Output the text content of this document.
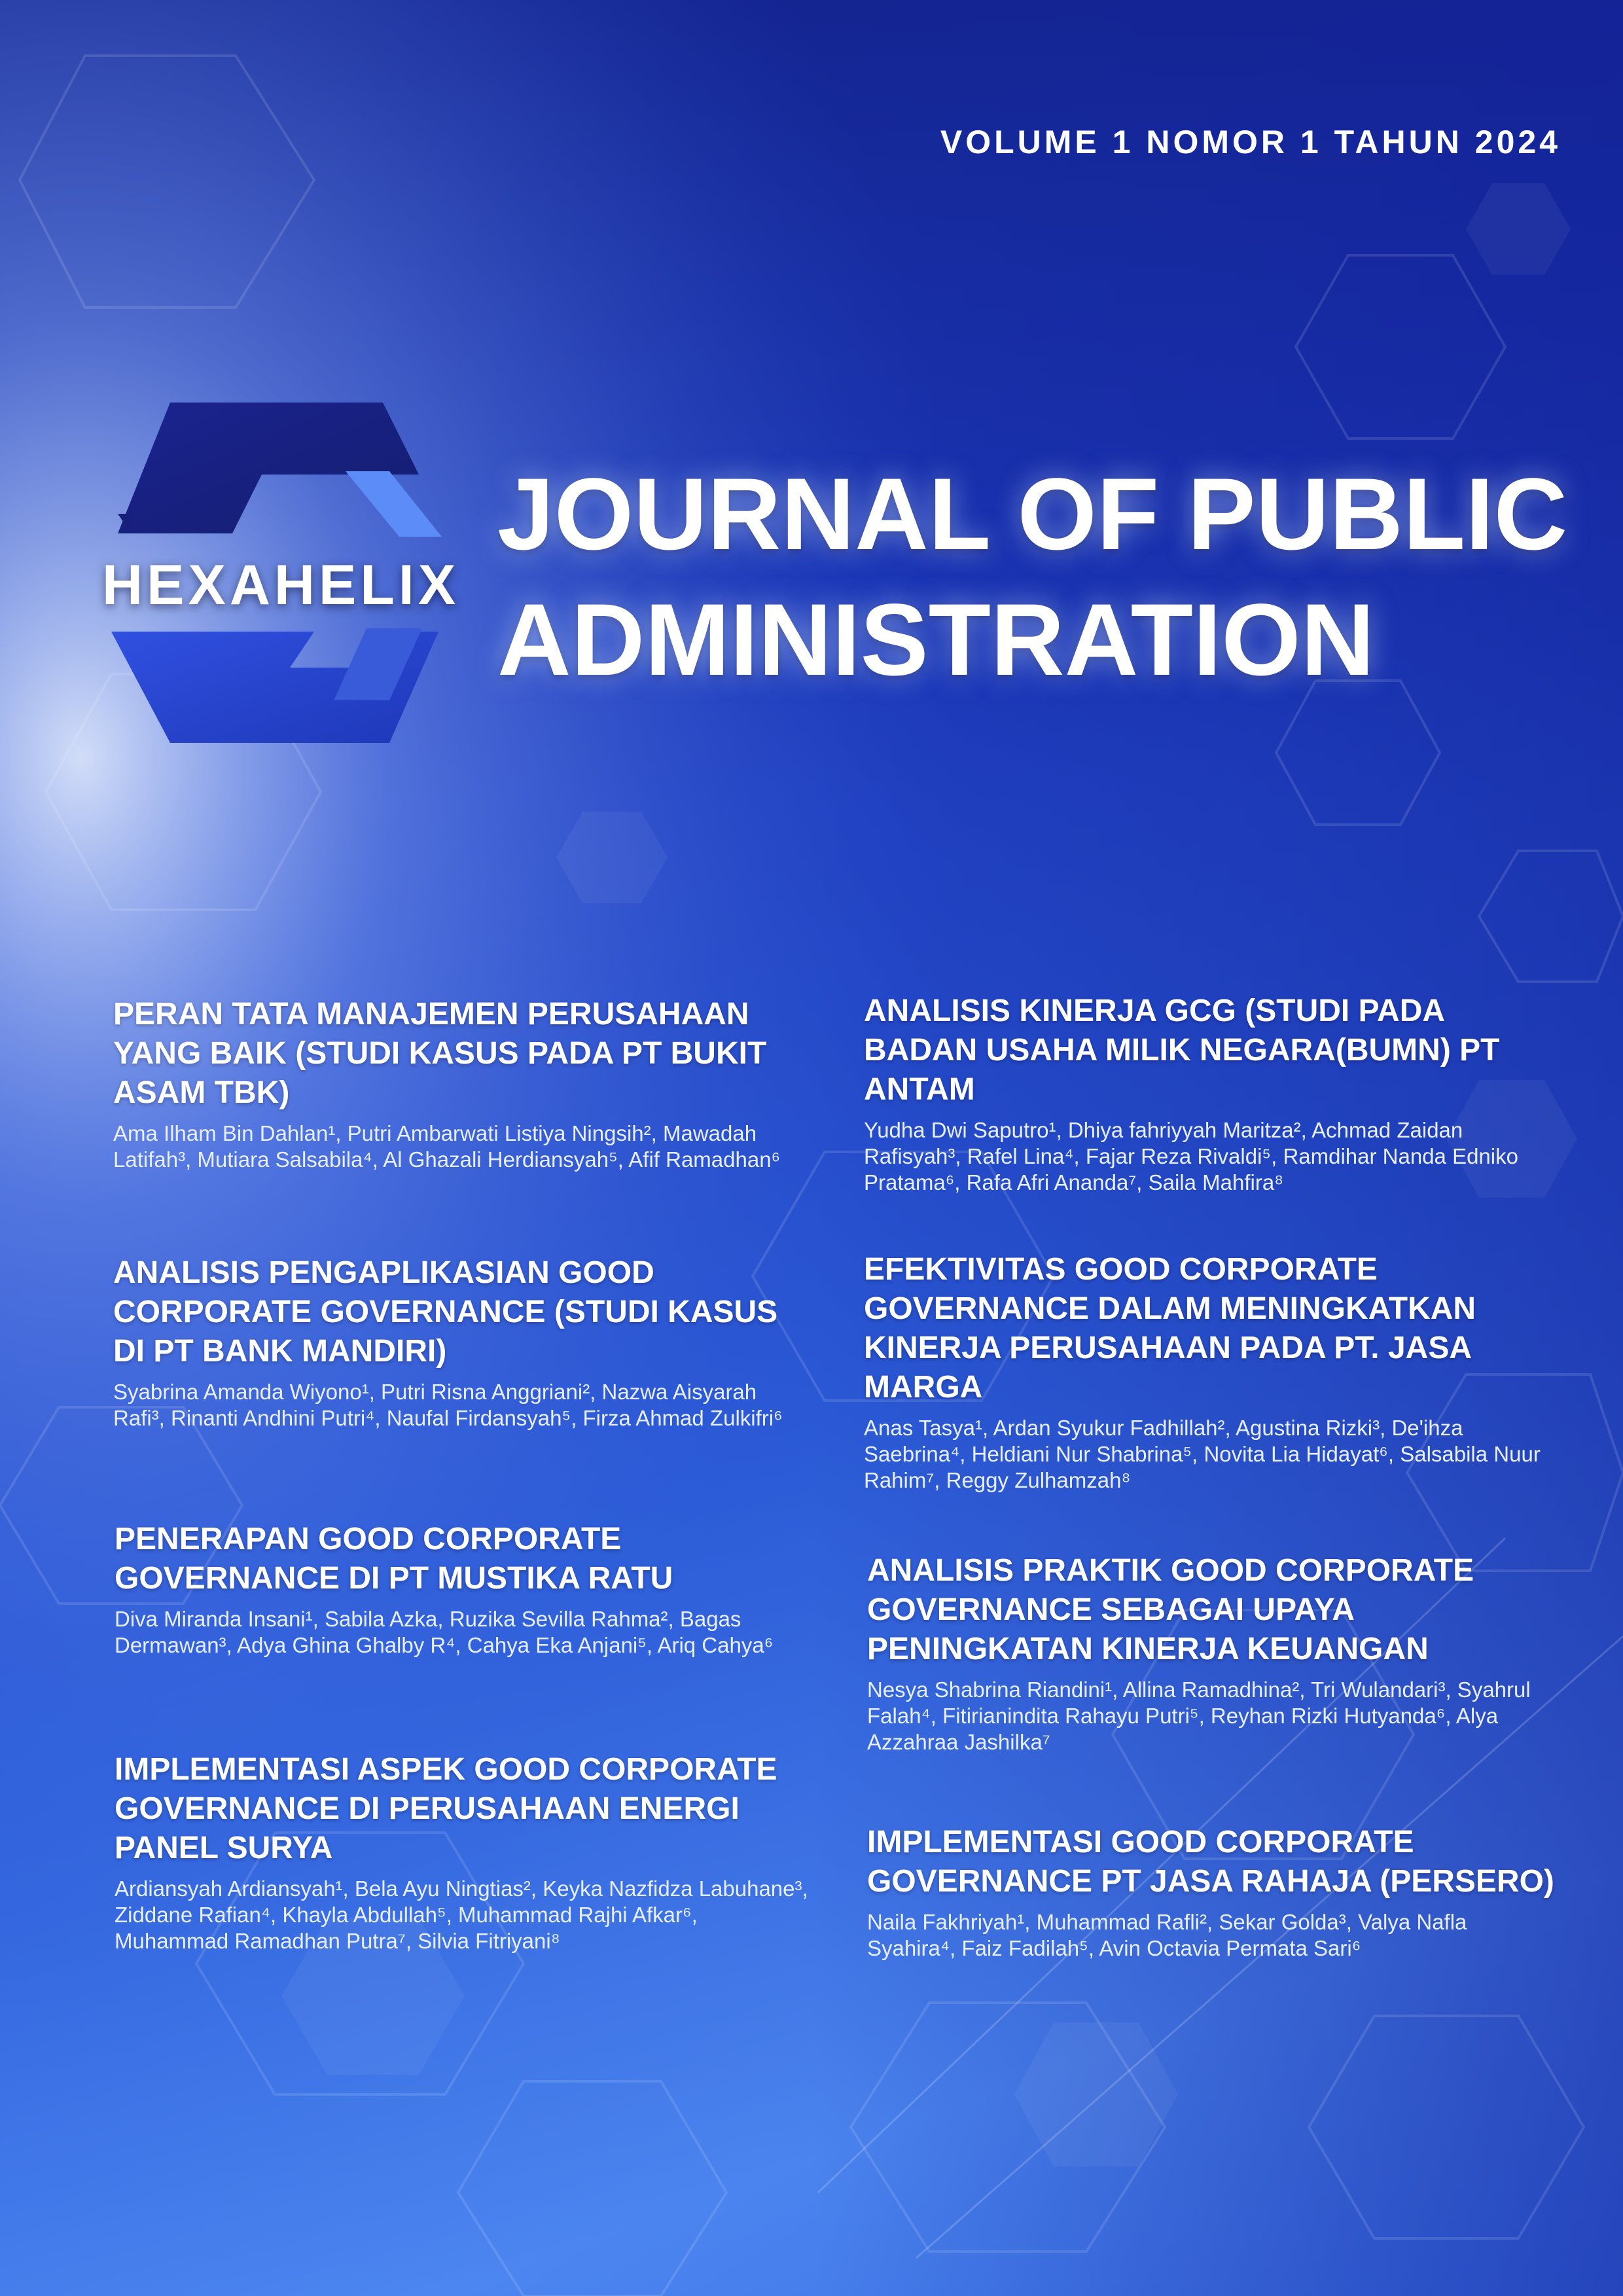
VOLUME 1 NOMOR 1 TAHUN 2024
HEXAHELIX
JOURNAL OF PUBLIC
ADMINISTRATION
PERAN TATA MANAJEMEN PERUSAHAAN YANG BAIK (STUDI KASUS PADA PT BUKIT ASAM TBK)
Ama Ilham Bin Dahlan¹, Putri Ambarwati Listiya Ningsih², Mawadah Latifah³, Mutiara Salsabila⁴, Al Ghazali Herdiansyah⁵, Afif Ramadhan⁶
ANALISIS PENGAPLIKASIAN GOOD CORPORATE GOVERNANCE (STUDI KASUS DI PT BANK MANDIRI)
Syabrina Amanda Wiyono¹, Putri Risna Anggriani², Nazwa Aisyarah Rafi³, Rinanti Andhini Putri⁴, Naufal Firdansyah⁵, Firza Ahmad Zulkifri⁶
PENERAPAN GOOD CORPORATE GOVERNANCE DI PT MUSTIKA RATU
Diva Miranda Insani¹, Sabila Azka, Ruzika Sevilla Rahma², Bagas Dermawan³, Adya Ghina Ghalby R⁴, Cahya Eka Anjani⁵, Ariq Cahya⁶
IMPLEMENTASI ASPEK GOOD CORPORATE GOVERNANCE DI PERUSAHAAN ENERGI PANEL SURYA
Ardiansyah Ardiansyah¹, Bela Ayu Ningtias², Keyka Nazfidza Labuhane³, Ziddane Rafian⁴, Khayla Abdullah⁵, Muhammad Rajhi Afkar⁶, Muhammad Ramadhan Putra⁷, Silvia Fitriyani⁸
ANALISIS KINERJA GCG (STUDI PADA BADAN USAHA MILIK NEGARA(BUMN) PT ANTAM
Yudha Dwi Saputro¹, Dhiya fahriyyah Maritza², Achmad Zaidan Rafisyah³, Rafel Lina⁴, Fajar Reza Rivaldi⁵, Ramdihar Nanda Edniko Pratama⁶, Rafa Afri Ananda⁷, Saila Mahfira⁸
EFEKTIVITAS GOOD CORPORATE GOVERNANCE DALAM MENINGKATKAN KINERJA PERUSAHAAN PADA PT. JASA MARGA
Anas Tasya¹, Ardan Syukur Fadhillah², Agustina Rizki³, De'ihza Saebrina⁴, Heldiani Nur Shabrina⁵, Novita Lia Hidayat⁶, Salsabila Nuur Rahim⁷, Reggy Zulhamzah⁸
ANALISIS PRAKTIK GOOD CORPORATE GOVERNANCE SEBAGAI UPAYA PENINGKATAN KINERJA KEUANGAN
Nesya Shabrina Riandini¹, Allina Ramadhina², Tri Wulandari³, Syahrul Falah⁴, Fitirianindita Rahayu Putri⁵, Reyhan Rizki Hutyanda⁶, Alya Azzahraa Jashilka⁷
IMPLEMENTASI GOOD CORPORATE GOVERNANCE PT JASA RAHAJA (PERSERO)
Naila Fakhriyah¹, Muhammad Rafli², Sekar Golda³, Valya Nafla Syahira⁴, Faiz Fadilah⁵, Avin Octavia Permata Sari⁶
